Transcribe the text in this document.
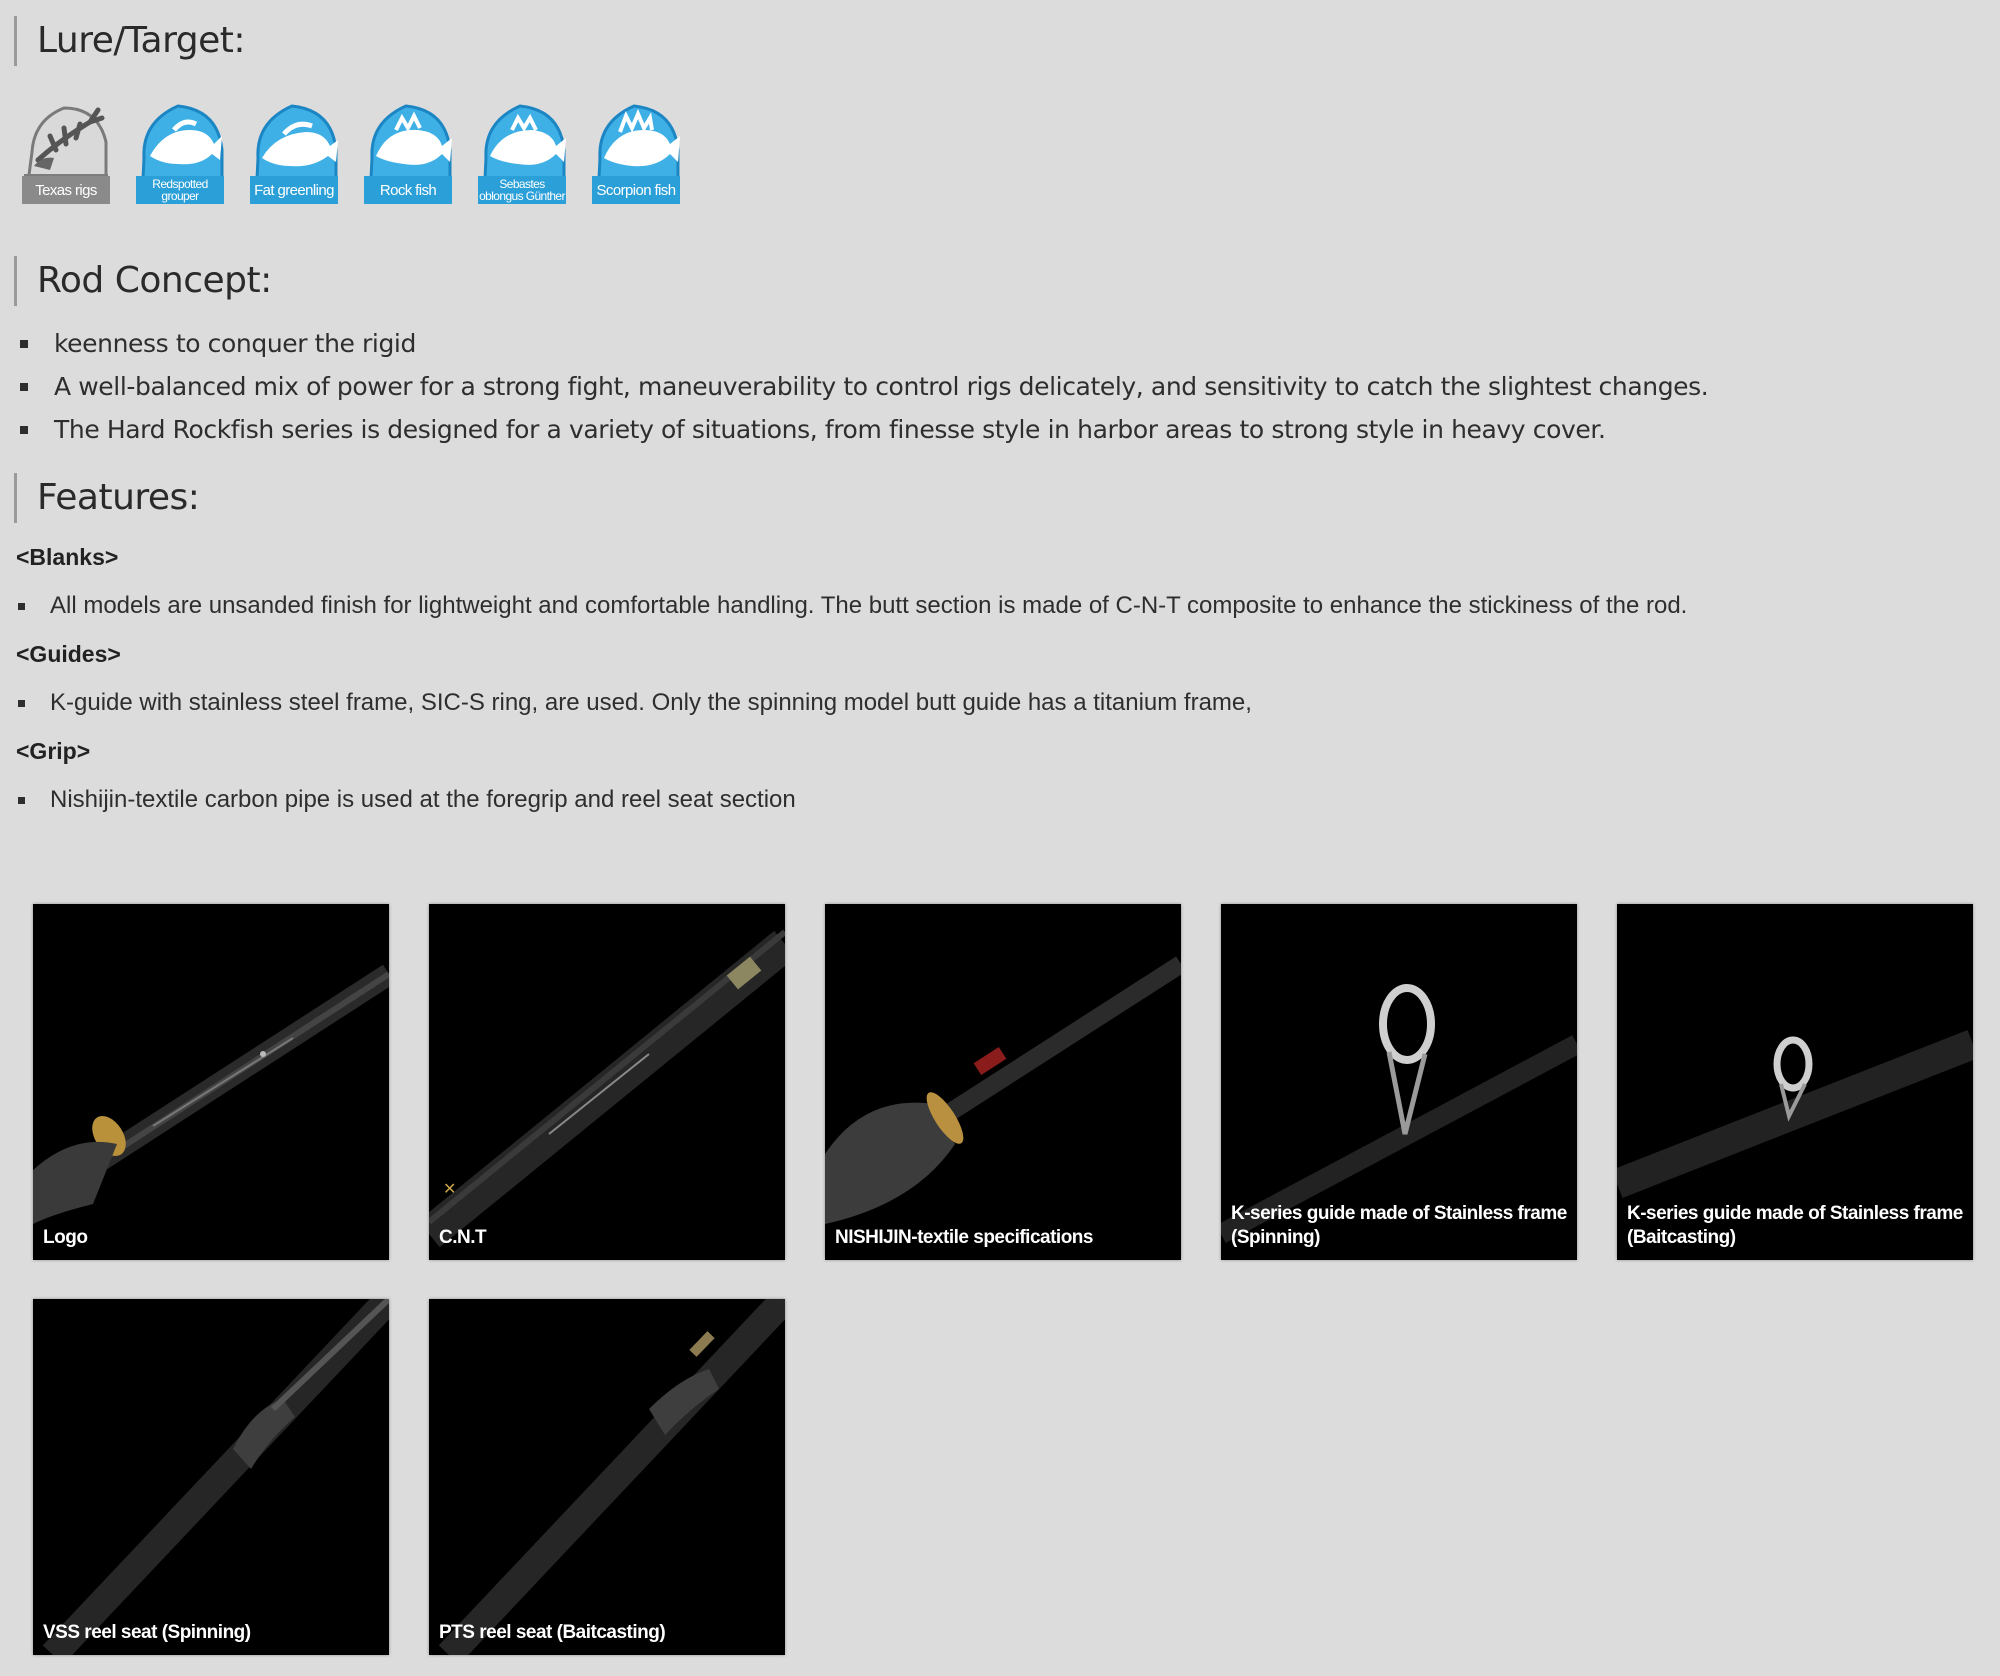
Lure/Target:
Texas rigs	Redspotted grouper	Fat greenling	Rock fish	Sebastes oblongus Günther	Scorpion fish
Rod Concept:
keenness to conquer the rigid
A well-balanced mix of power for a strong fight, maneuverability to control rigs delicately, and sensitivity to catch the slightest changes.
The Hard Rockfish series is designed for a variety of situations, from finesse style in harbor areas to strong style in heavy cover.
Features:
<Blanks>
All models are unsanded finish for lightweight and comfortable handling. The butt section is made of C-N-T composite to enhance the stickiness of the rod.
<Guides>
K-guide with stainless steel frame, SIC-S ring, are used. Only the spinning model butt guide has a titanium frame,
<Grip>
Nishijin-textile carbon pipe is used at the foregrip and reel seat section
Logo
✕
C.N.T	NISHIJIN-textile specifications
K-series guide made of Stainless frame (Spinning)
K-series guide made of Stainless frame (Baitcasting)
VSS reel seat (Spinning)	PTS reel seat (Baitcasting)
